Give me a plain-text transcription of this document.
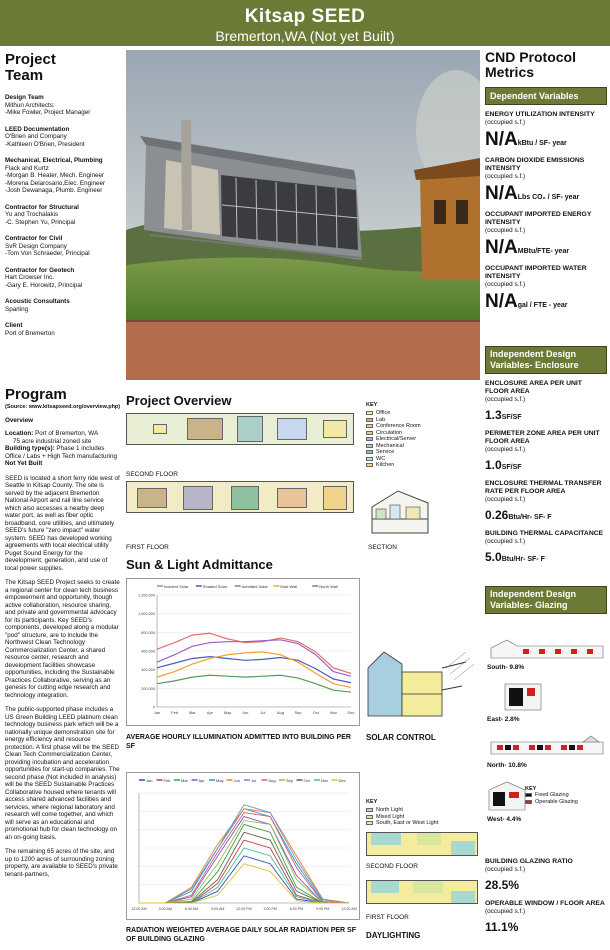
Kitsap SEED
Bremerton,WA (Not yet Built)
Project Team
Design Team
Mithun Architects:
-Mike Fowler, Project Manager
LEED Documentation
O'Brien and Company
-Kathleen O'Brien, President
Mechanical, Electrical, Plumbing
Flack and Kurtz
-Morgan B. Heater, Mech. Engineer
-Morena Delarosario,Elec. Engineer
-Josh Dewanaga, Plumb. Engineer
Contractor for Structural
Yu and Trochalakis
-C. Stephen Yu, Principal
Contractor for Civil
SvR Design Company
-Tom Von Schraeder, Principal
Contractor for Geotech
Hart Crowser Inc.
-Gary E. Horowitz, Principal
Acoustic Consultants
Sparling
Client
Port of Bremerton
Program
(Source: www.kitsapseed.org/overview.php)
Overview
Location: Port of Bremerton, WA
75 acre industrial zoned site
Building type(s): Phase 1 includes Office / Labs + High Tech manufacturing
Not Yet Built
SEED is located a short ferry ride west of Seattle in Kitsap County. The site is served by the adjacent Bremerton National Airport and rail line service which also accesses a nearby deep water port, as well as fiber optic broadband, core utilities, and ultimately SEED's future "zero impact" water system. SEED has developed working agreements with local electrical utility Puget Sound Energy for the development, generation, and use of local power supplies.
The Kitsap SEED Project seeks to create a regional center for clean tech business empowerment and opportunity, though active collaboration, resource sharing, and private and governmental advocacy for its participants. Key SEED's components, developed along a modular "pod" structure, are to include the Northwest Clean Technology Commercialization Center, a shared resource center, research and development facilities showcase opportunities, including the Sustainable Practices Collaborative, serving as an genesis for cutting edge research and technology integration.
The public-supported phase includes a US Green Building LEED platinum clean technology business park which will be a nationally unique demonstration site for energy efficiency and resource protection. A first phase will be the SEED Clean Tech Commercialization Center, providing incubation and acceleration opportunities for start-up companies. The second phase (Not included in analysis) will be the SEED Sustainable Practices Collaborative housed where tenants will access shared advanced facilities and services, where regional laboratory and research will come together, and which will serve as an educational and promotional hub for clean technology on an on-going basis.
The remaining 65 acres of the site, and up to 1200 acres of surrounding zoning property, are available to SEED's private tenant-partners,
Project Overview
SECOND FLOOR
FIRST FLOOR
KEY
Office
Lab
Conference Room
Circulation
Electrical/Server
Mechanical
Service
WC
Kitchen
SECTION
Sun & Light Admittance
Incident Solar	Shaded Solar	Admitted Solar	East Wall	North Wall
0
200,000
400,000
600,000
800,000
1,000,000
1,200,000
Jan	Feb	Mar	Apr	May	Jun	Jul	Aug	Sep	Oct	Nov	Dec
AVERAGE HOURLY ILLUMINATION ADMITTED INTO BUILDING PER SF
SOLAR CONTROL
Jan	Feb	Mar	Apr	May Jun	Jul	Aug	Sep	Oct	Nov	Dec
12:00 AM	3:00 AM	6:00 AM	9:00 AM	12:00 PM	3:00 PM	6:00 PM	9:00 PM	12:00 AM
RADIATION WEIGHTED AVERAGE DAILY SOLAR RADIATION PER SF OF BUILDING GLAZING
KEY
North Light
Mixed Light
South, East or West Light
SECOND FLOOR
FIRST FLOOR
DAYLIGHTING
CND Protocol Metrics
Dependent Variables
ENERGY UTILIZATION INTENSITY
(occupied s.f.)
N/AkBtu / SF- year
CARBON DIOXIDE EMISSIONS INTENSITY
(occupied s.f.)
N/ALbs CO₂ / SF- year
OCCUPANT IMPORTED ENERGY INTENSITY
(occupied s.f.)
N/AMBtu/FTE- year
OCCUPANT IMPORTED WATER INTENSITY
(occupied s.f.)
N/Agal / FTE - year
Independent Design Variables- Enclosure
ENCLOSURE AREA PER UNIT FLOOR AREA
(occupied s.f.)
1.3SF/SF
PERIMETER ZONE AREA PER UNIT FLOOR AREA
(occupied s.f.)
1.0SF/SF
ENCLOSURE THERMAL TRANSFER RATE PER FLOOR AREA
(occupied s.f.)
0.26Btu/Hr- SF- F
BUILDING THERMAL CAPACITANCE
(occupied s.f.)
5.0Btu/Hr- SF- F
Independent Design Variables- Glazing
South- 9.8%
East- 2.8%
North- 10.8%
KEY
Fixed Glazing
Operable Glazing
West- 4.4%
BUILDING GLAZING RATIO
(occupied s.f.)
28.5%
OPERABLE WINDOW / FLOOR AREA
(occupied s.f.)
11.1%
